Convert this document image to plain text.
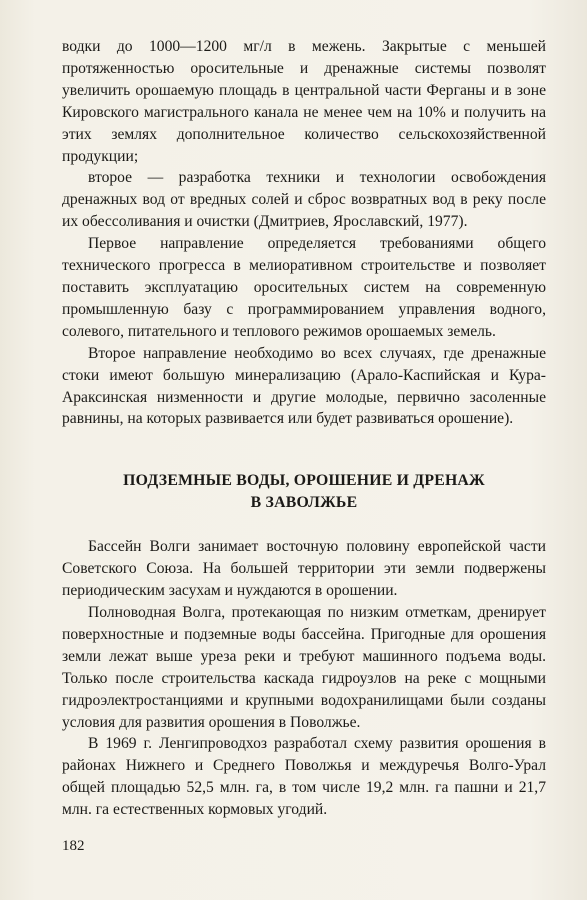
водки до 1000—1200 мг/л в межень. Закрытые с меньшей протяженностью оросительные и дренажные системы позволят увеличить орошаемую площадь в центральной части Ферганы и в зоне Кировского магистрального канала не менее чем на 10% и получить на этих землях дополнительное количество сельскохозяйственной продукции;

второе — разработка техники и технологии освобождения дренажных вод от вредных солей и сброс возвратных вод в реку после их обессоливания и очистки (Дмитриев, Ярославский, 1977).

Первое направление определяется требованиями общего технического прогресса в мелиоративном строительстве и позволяет поставить эксплуатацию оросительных систем на современную промышленную базу с программированием управления водного, солевого, питательного и теплового режимов орошаемых земель.

Второе направление необходимо во всех случаях, где дренажные стоки имеют большую минерализацию (Арало-Каспийская и Кура-Араксинская низменности и другие молодые, первично засоленные равнины, на которых развивается или будет развиваться орошение).

ПОДЗЕМНЫЕ ВОДЫ, ОРОШЕНИЕ И ДРЕНАЖ
В ЗАВОЛЖЬЕ

Бассейн Волги занимает восточную половину европейской части Советского Союза. На большей территории эти земли подвержены периодическим засухам и нуждаются в орошении.

Полноводная Волга, протекающая по низким отметкам, дренирует поверхностные и подземные воды бассейна. Пригодные для орошения земли лежат выше уреза реки и требуют машинного подъема воды. Только после строительства каскада гидроузлов на реке с мощными гидроэлектростанциями и крупными водохранилищами были созданы условия для развития орошения в Поволжье.

В 1969 г. Ленгипроводхоз разработал схему развития орошения в районах Нижнего и Среднего Поволжья и междуречья Волго-Урал общей площадью 52,5 млн. га, в том числе 19,2 млн. га пашни и 21,7 млн. га естественных кормовых угодий.

182
